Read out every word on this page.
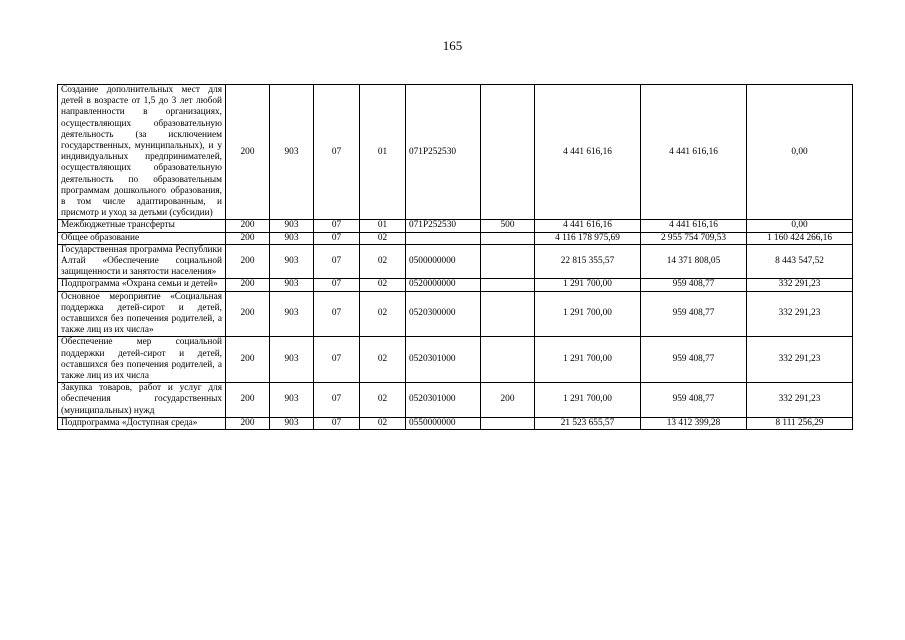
165
Создание дополнительных мест для детей в возрасте от 1,5 до 3 лет любой направленности в организациях, осуществляющих образовательную деятельность (за исключением государственных, муниципальных), и у индивидуальных предпринимателей, осуществляющих образовательную деятельность по образовательным программам дошкольного образования, в том числе адаптированным, и присмотр и уход за детьми (субсидии)	200	903	07	01	071P252530		4 441 616,16	4 441 616,16	0,00
Межбюджетные трансферты	200	903	07	01	071P252530	500	4 441 616,16	4 441 616,16	0,00
Общее образование	200	903	07	02			4 116 178 975,69	2 955 754 709,53	1 160 424 266,16
Государственная программа Республики Алтай «Обеспечение социальной защищенности и занятости населения»	200	903	07	02	0500000000		22 815 355,57	14 371 808,05	8 443 547,52
Подпрограмма «Охрана семьи и детей»	200	903	07	02	0520000000		1 291 700,00	959 408,77	332 291,23
Основное мероприятие «Социальная поддержка детей-сирот и детей, оставшихся без попечения родителей, а также лиц из их числа»	200	903	07	02	0520300000		1 291 700,00	959 408,77	332 291,23
Обеспечение мер социальной поддержки детей-сирот и детей, оставшихся без попечения родителей, а также лиц из их числа	200	903	07	02	0520301000		1 291 700,00	959 408,77	332 291,23
Закупка товаров, работ и услуг для обеспечения государственных (муниципальных) нужд	200	903	07	02	0520301000	200	1 291 700,00	959 408,77	332 291,23
Подпрограмма «Доступная среда»	200	903	07	02	0550000000		21 523 655,57	13 412 399,28	8 111 256,29
